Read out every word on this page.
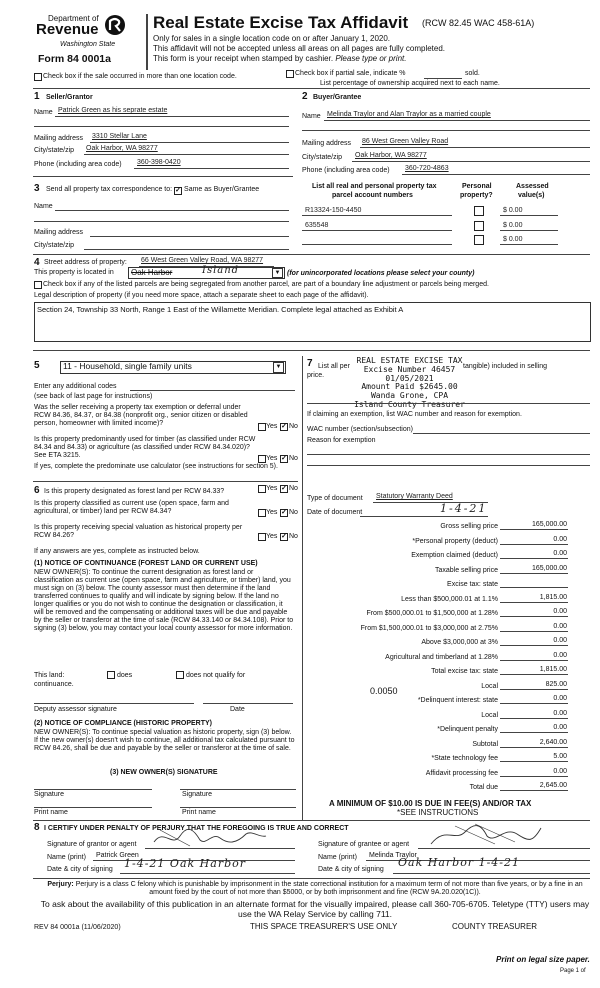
Department of
Revenue
Washington State
Form 84 0001a
Real Estate Excise Tax Affidavit (RCW 82.45 WAC 458-61A)
Only for sales in a single location code on or after January 1, 2020.
This affidavit will not be accepted unless all areas on all pages are fully completed.
This form is your receipt when stamped by cashier. Please type or print.
Check box if the sale occurred in more than one location code.	Check box if partial sale, indicate %	sold.
List percentage of ownership acquired next to each name.
1 Seller/Grantor
Name Patrick Green as his seprate estate
Mailing address 3310 Stellar Lane
City/state/zip Oak Harbor, WA 98277
Phone (including area code) 360-398-0420
2 Buyer/Grantee
Name Melinda Traylor and Alan Traylor as a married couple
Mailing address 86 West Green Valley Road
City/state/zip Oak Harbor, WA 98277
Phone (including area code) 360-720-4863
3 Send all property tax correspondence to: ✓ Same as Buyer/Grantee
Name
Mailing address
City/state/zip
List all real and personal property tax
parcel account numbers
Personal
property?
Assessed
value(s)
R13324-150-4450	$ 0.00
635548	$ 0.00
$ 0.00
4 Street address of property: 66 West Green Valley Road, WA 98277
This property is located in Oak Harbor	Island	▼ (for unincorporated locations please select your county)
Check box if any of the listed parcels are being segregated from another parcel, are part of a boundary line adjustment or parcels being merged.
Legal description of property (if you need more space, attach a separate sheet to each page of the affidavit).
Section 24, Township 33 North, Range 1 East of the Willamette Meridian. Complete legal attached as Exhibit A
5	11 - Household, single family units	▼
Enter any additional codes
(see back of last page for instructions)
Was the seller receiving a property tax exemption or deferral under RCW 84.36, 84.37, or 84.38 (nonprofit org., senior citizen or disabled person, homeowner with limited income)?	Yes ✓ No
Is this property predominantly used for timber (as classified under RCW 84.34 and 84.33) or agriculture (as classified under RCW 84.34.020)? See ETA 3215.	Yes ✓ No
If yes, complete the predominate use calculator (see instructions for section 5).
6 Is this property designated as forest land per RCW 84.33?	Yes ✓ No
Is this property classified as current use (open space, farm and agricultural, or timber) land per RCW 84.34?	Yes ✓ No
Is this property receiving special valuation as historical property per RCW 84.26?	Yes ✓ No
If any answers are yes, complete as instructed below.
(1) NOTICE OF CONTINUANCE (FOREST LAND OR CURRENT USE)
NEW OWNER(S): To continue the current designation as forest land or classification as current use (open space, farm and agriculture, or timber) land, you must sign on (3) below. The county assessor must then determine if the land transferred continues to qualify and will indicate by signing below. If the land no longer qualifies or you do not wish to continue the designation or classification, it will be removed and the compensating or additional taxes will be due and payable by the seller or transferor at the time of sale (RCW 84.33.140 or 84.34.108). Prior to signing (3) below, you may contact your local county assessor for more information.
This land:	does	does not qualify for
continuance.
Deputy assessor signature	Date
(2) NOTICE OF COMPLIANCE (HISTORIC PROPERTY)
NEW OWNER(S): To continue special valuation as historic property, sign (3) below. If the new owner(s) doesn't wish to continue, all additional tax calculated pursuant to RCW 84.26, shall be due and payable by the seller or transferor at the time of sale.
(3) NEW OWNER(S) SIGNATURE
Signature	Signature
Print name	Print name
7 List all per	tangible) included in selling
price.
REAL ESTATE EXCISE TAX
Excise Number 46457
01/05/2021
Amount Paid $2645.00
Wanda Grone, CPA
Island County Treasurer
If claiming an exemption, list WAC number and reason for exemption.
WAC number (section/subsection)
Reason for exemption
Type of document Statutory Warranty Deed
Date of document	1-4-21
Gross selling price	165,000.00
*Personal property (deduct)	0.00
Exemption claimed (deduct)	0.00
Taxable selling price	165,000.00
Excise tax: state
Less than $500,000.01 at 1.1%	1,815.00
From $500,000.01 to $1,500,000 at 1.28%	0.00
From $1,500,000.01 to $3,000,000 at 2.75%	0.00
Above $3,000,000 at 3%	0.00
Agricultural and timberland at 1.28%	0.00
Total excise tax: state	1,815.00
Local	825.00
*Delinquent interest: state	0.00
Local	0.00
*Delinquent penalty	0.00
Subtotal	2,640.00
*State technology fee	5.00
Affidavit processing fee	0.00
Total due	2,645.00
0.0050
A MINIMUM OF $10.00 IS DUE IN FEE(S) AND/OR TAX
*SEE INSTRUCTIONS
8 I CERTIFY UNDER PENALTY OF PERJURY THAT THE FOREGOING IS TRUE AND CORRECT
Signature of grantor or agent
Name (print) Patrick Green
Date & city of signing 1-4-21 Oak Harbor
Signature of grantee or agent
Name (print) Melinda Traylor
Date & city of signing
Oak Harbor 1-4-21
Perjury: Perjury is a class C felony which is punishable by imprisonment in the state correctional institution for a maximum term of not more than five years, or by a fine in an amount fixed by the court of not more than $5000, or by both imprisonment and fine (RCW 9A.20.020(1C)).
To ask about the availability of this publication in an alternate format for the visually impaired, please call 360-705-6705. Teletype (TTY) users may use the WA Relay Service by calling 711.
REV 84 0001a (11/06/2020)	THIS SPACE TREASURER'S USE ONLY	COUNTY TREASURER
Print on legal size paper.
Page 1 of
